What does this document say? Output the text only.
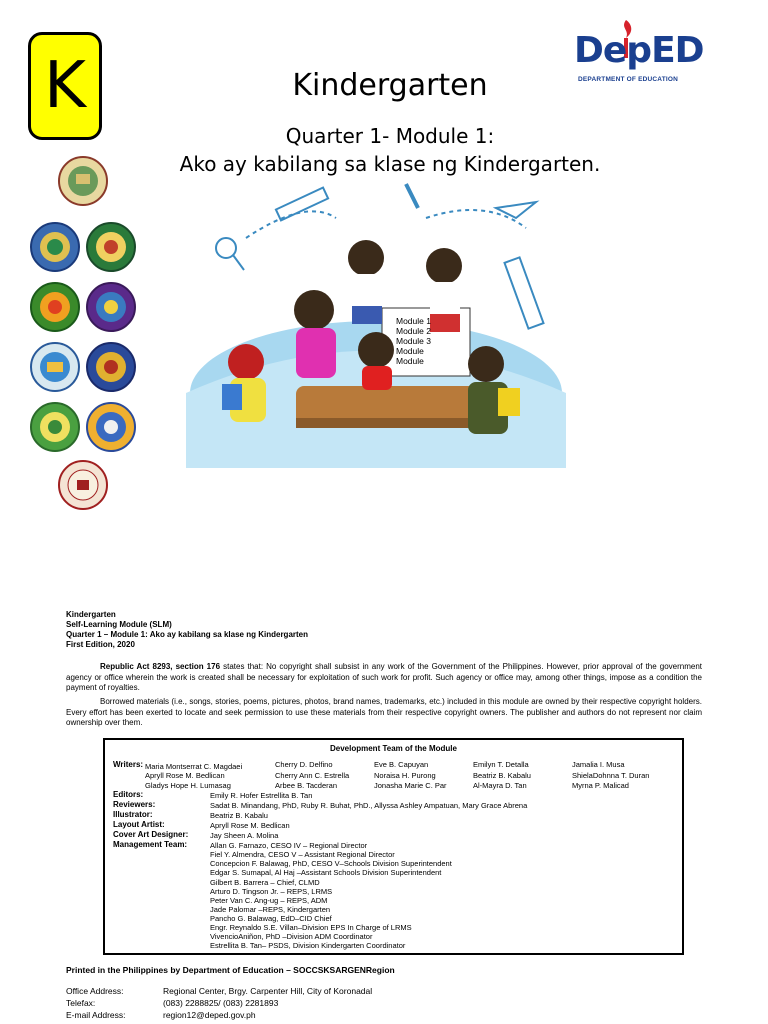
K	Kindergarten
Quarter 1- Module 1:
Ako ay kabilang sa klase ng Kindergarten.
DepED
DEPARTMENT OF EDUCATION
Module 1
Module 2
Module 3
Module
Module
Kindergarten
Self-Learning Module (SLM)
Quarter 1 – Module 1: Ako ay kabilang sa klase ng Kindergarten
First Edition, 2020
Republic Act 8293, section 176 states that: No copyright shall subsist in any work of the Government of the Philippines. However, prior approval of the government agency or office wherein the work is created shall be necessary for exploitation of such work for profit. Such agency or office may, among other things, impose as a condition the payment of royalties.
Borrowed materials (i.e., songs, stories, poems, pictures, photos, brand names, trademarks, etc.) included in this module are owned by their respective copyright holders. Every effort has been exerted to locate and seek permission to use these materials from their respective copyright owners. The publisher and authors do not represent nor claim ownership over them.
Development Team of the Module
Writers: Maria Montserrat C. Magdaei	Cherry D. Delfino	Eve B. Capuyan	Emilyn T. Detalla	Jamalia I. Musa
Apryll Rose M. Bedlican	Cherry Ann C. Estrella	Noraisa H. Purong	Beatriz B. Kabalu	ShielaDohnna T. Duran
Gladys Hope H. Lumasag	Arbee B. Tacderan	Jonasha Marie C. Par	Al-Mayra D. Tan	Myrna P. Malicad
Editors:	Emily R. Hofer Estrellita B. Tan
Reviewers:	Sadat B. Minandang, PhD, Ruby R. Buhat, PhD., Allyssa Ashley Ampatuan, Mary Grace Abrena
Illustrator:	Beatriz B. Kabalu
Layout Artist:	Apryll Rose M. Bedlican
Cover Art Designer:	Jay Sheen A. Molina
Management Team:	Allan G. Farnazo, CESO IV – Regional Director
Fiel Y. Almendra, CESO V – Assistant Regional Director
Concepcion F. Balawag, PhD, CESO V–Schools Division Superintendent
Edgar S. Sumapal, Al Haj –Assistant Schools Division Superintendent
Gilbert B. Barrera – Chief, CLMD
Arturo D. Tingson Jr. – REPS, LRMS
Peter Van C. Ang-ug – REPS, ADM
Jade Palomar –REPS, Kindergarten
Pancho G. Balawag, EdD–CID Chief
Engr. Reynaldo S.E. Villan–Division EPS In Charge of LRMS
VivencioAniñon, PhD –Division ADM Coordinator
Estrellita B. Tan– PSDS, Division Kindergarten Coordinator
Printed in the Philippines by Department of Education – SOCCSKSARGENRegion
Office Address:	Regional Center, Brgy. Carpenter Hill, City of Koronadal
Telefax:	(083) 2288825/ (083) 2281893
E-mail Address:	region12@deped.gov.ph
